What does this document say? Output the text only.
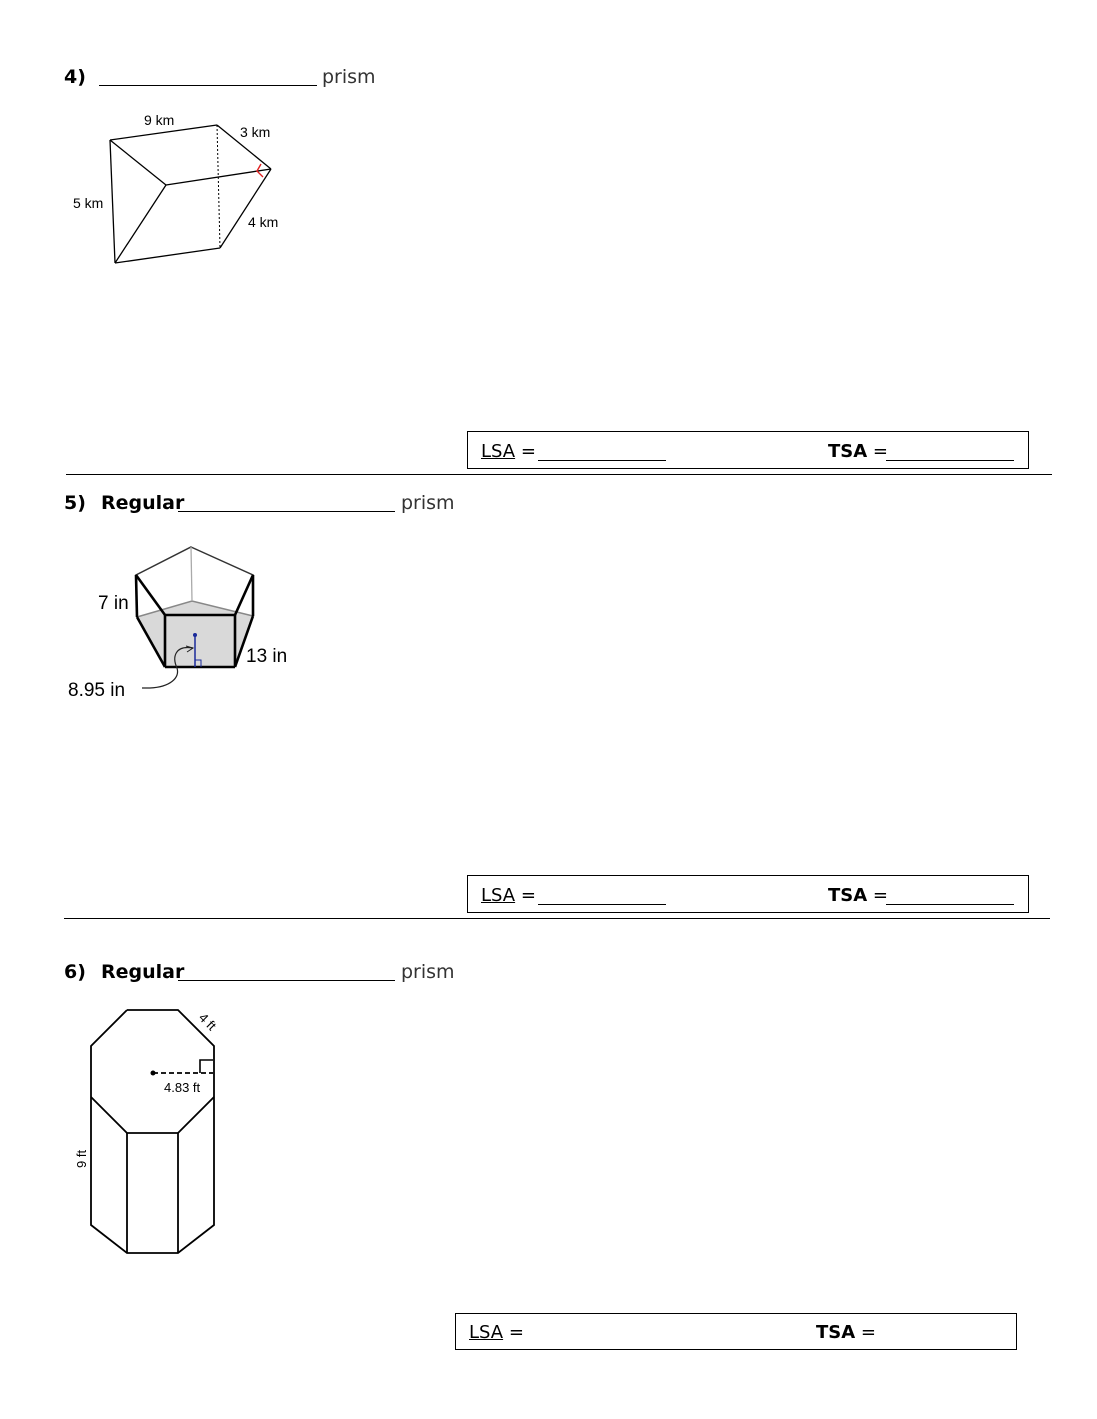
4)	prism
9 km
3 km
5 km
4 km
LSA =	TSA =
5) Regular	prism
7 in
13 in
8.95 in
LSA =	TSA =
6) Regular	prism
4.83 ft
4 ft
9 ft
LSA =	TSA =
